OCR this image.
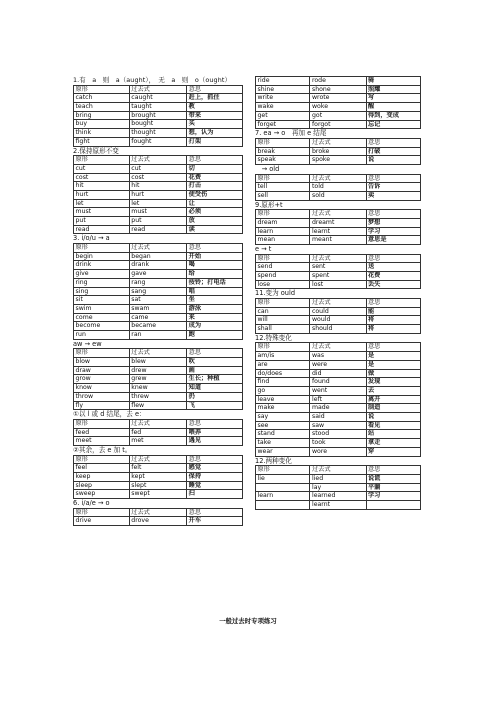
1.有　a　则　a（aught），　无　a　则　o（ought）
原形	过去式	意思
catch	caught	赶上，抓住
teach	taught	教
bring	brought	带来
buy	bought	买
think	thought	想，认为
fight	fought	打架
2.保持原形不变
原形	过去式	意思
cut	cut	切
cost	cost	花费
hit	hit	打击
hurt	hurt	使受伤
let	let	让
must	must	必须
put	put	放
read	read	读
3. i/o/u → a
原形	过去式	意思
begin	began	开始
drink	drank	喝
give	gave	给
ring	rang	按铃；打电话
sing	sang	唱
sit	sat	坐
swim	swam	游泳
come	came	来
become	became	成为
run	ran	跑
aw → ew
原形	过去式	意思
blow	blew	吹
draw	drew	画
grow	grew	生长；种植
know	knew	知道
throw	threw	扔
fly	flew	飞
①以 l 或 d 结尾，去 e：
原形	过去式	意思
feed	fed	喂养
meet	met	遇见
②其余，去 e 加 t。
原形	过去式	意思
feel	felt	感觉
keep	kept	保持
sleep	slept	睡觉
sweep	swept	扫
6. i/a/e → o
原形	过去式	意思
drive	drove	开车
ride	rode	骑
shine	shone	照耀
write	wrote	写
wake	woke	醒
get	got	得到，变成
forget	forgot	忘记
7. ea → o　再加 e 结尾
原形	过去式	意思
break	broke	打破
speak	spoke	说
　→ old
原形	过去式	意思
tell	told	告诉
sell	sold	卖
9.原形+t
原形	过去式	意思
dream	dreamt	梦想
learn	learnt	学习
mean	meant	意思是
e → t
原形	过去式	意思
send	sent	送
spend	spent	花费
lose	lost	丢失
11.变为 ould
原形	过去式	意思
can	could	能
will	would	将
shall	should	将
12.特殊变化
原形	过去式	意思
am/is	was	是
are	were	是
do/does	did	做
find	found	发现
go	went	去
leave	left	离开
make	made	制造
say	said	说
see	saw	看见
stand	stood	站
take	took	拿走
wear	wore	穿
12.两种变化
原形	过去式	意思
lie	lied	说谎
	lay	平躺
learn	learned	学习
	learnt	
一般过去时专项练习
